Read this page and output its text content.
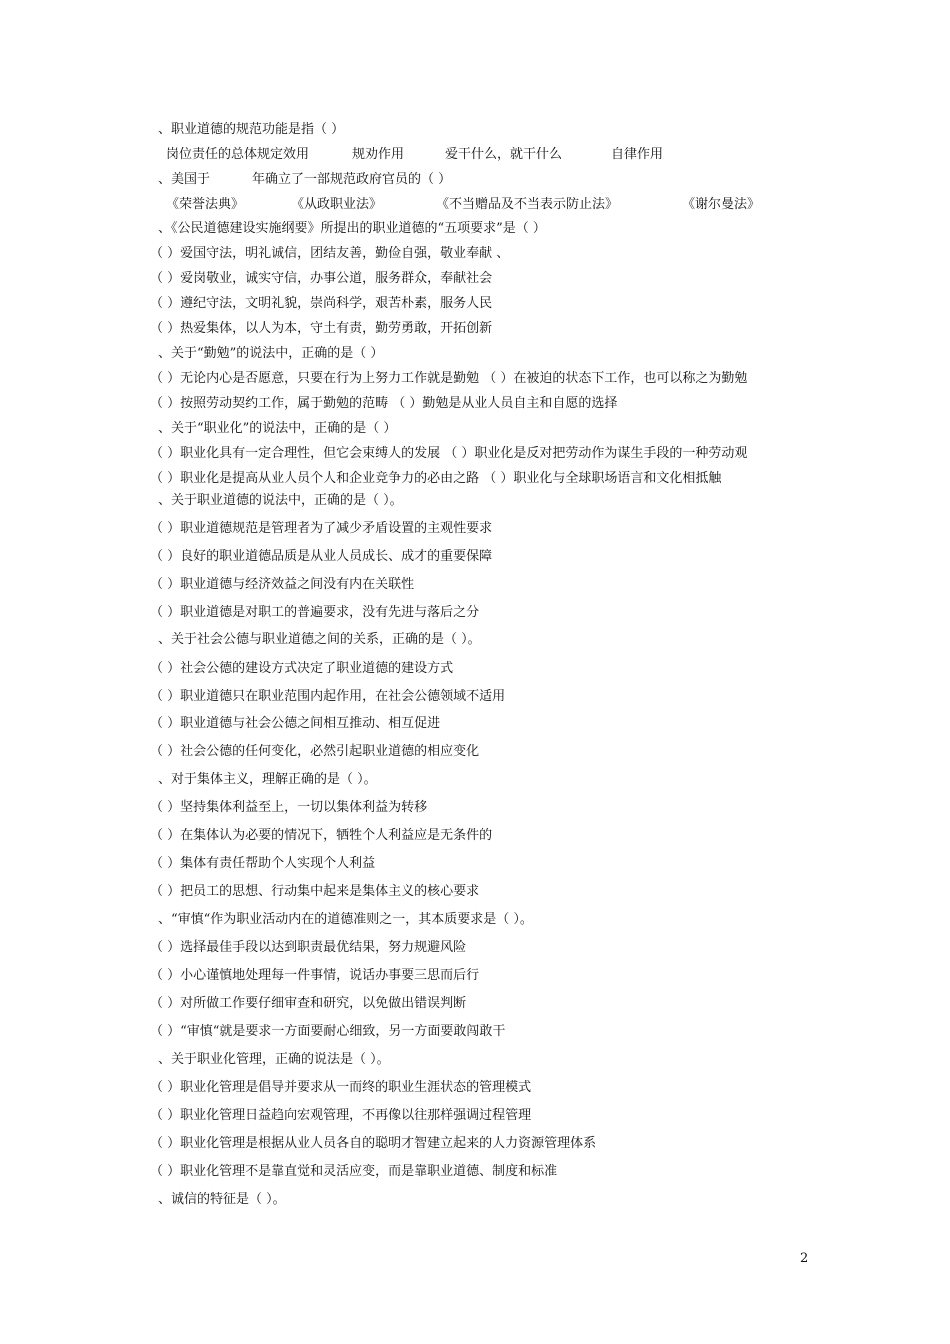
、职业道德的规范功能是指（ ）
岗位责任的总体规定效用	规劝作用	爱干什么，就干什么	自律作用
、美国于	年确立了一部规范政府官员的（ ）
《荣誉法典》	《从政职业法》	《不当赠品及不当表示防止法》	《谢尔曼法》
、《公民道德建设实施纲要》所提出的职业道德的“五项要求”是（ ）
（ ）爱国守法，明礼诚信，团结友善，勤俭自强，敬业奉献 、
（ ）爱岗敬业，诚实守信，办事公道，服务群众，奉献社会
（ ）遵纪守法，文明礼貌，崇尚科学，艰苦朴素，服务人民
（ ）热爱集体，以人为本，守土有责，勤劳勇敢，开拓创新
、关于“勤勉”的说法中，正确的是（ ）
（ ）无论内心是否愿意，只要在行为上努力工作就是勤勉 （ ）在被迫的状态下工作，也可以称之为勤勉
（ ）按照劳动契约工作，属于勤勉的范畴 （ ）勤勉是从业人员自主和自愿的选择
、关于“职业化”的说法中，正确的是（ ）
（ ）职业化具有一定合理性，但它会束缚人的发展 （ ）职业化是反对把劳动作为谋生手段的一种劳动观
（ ）职业化是提高从业人员个人和企业竞争力的必由之路 （ ）职业化与全球职场语言和文化相抵触
、关于职业道德的说法中，正确的是（ ）。
（ ）职业道德规范是管理者为了减少矛盾设置的主观性要求
（ ）良好的职业道德品质是从业人员成长、成才的重要保障
（ ）职业道德与经济效益之间没有内在关联性
（ ）职业道德是对职工的普遍要求，没有先进与落后之分
、关于社会公德与职业道德之间的关系，正确的是（ ）。
（ ）社会公德的建设方式决定了职业道德的建设方式
（ ）职业道德只在职业范围内起作用，在社会公德领域不适用
（ ）职业道德与社会公德之间相互推动、相互促进
（ ）社会公德的任何变化，必然引起职业道德的相应变化
、对于集体主义，理解正确的是（ ）。
（ ）坚持集体利益至上，一切以集体利益为转移
（ ）在集体认为必要的情况下，牺牲个人利益应是无条件的
（ ）集体有责任帮助个人实现个人利益
（ ）把员工的思想、行动集中起来是集体主义的核心要求
、“审慎“作为职业活动内在的道德准则之一，其本质要求是（ ）。
（ ）选择最佳手段以达到职责最优结果，努力规避风险
（ ）小心谨慎地处理每一件事情，说话办事要三思而后行
（ ）对所做工作要仔细审查和研究，以免做出错误判断
（ ）“审慎“就是要求一方面要耐心细致，另一方面要敢闯敢干
、关于职业化管理，正确的说法是（ ）。
（ ）职业化管理是倡导并要求从一而终的职业生涯状态的管理模式
（ ）职业化管理日益趋向宏观管理，不再像以往那样强调过程管理
（ ）职业化管理是根据从业人员各自的聪明才智建立起来的人力资源管理体系
（ ）职业化管理不是靠直觉和灵活应变，而是靠职业道德、制度和标准
、诚信的特征是（ ）。
2
